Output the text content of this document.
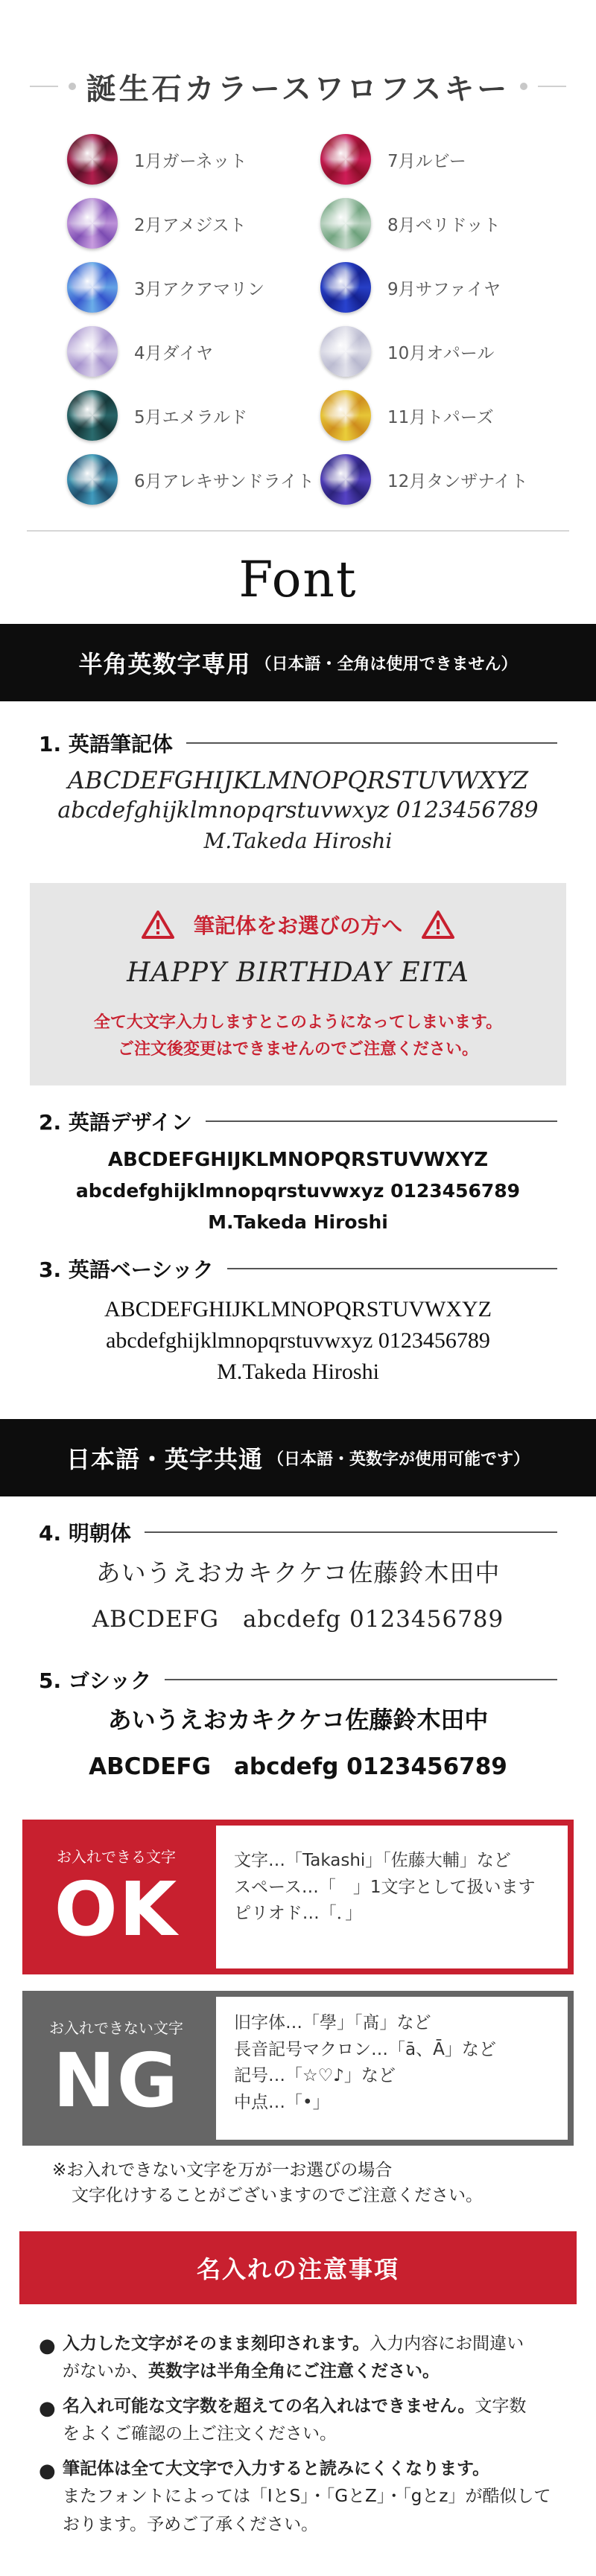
誕生石カラースワロフスキー
1月ガーネット	7月ルビー
2月アメジスト	8月ペリドット
3月アクアマリン	9月サファイヤ
4月ダイヤ	10月オパール
5月エメラルド	11月トパーズ
6月アレキサンドライト	12月タンザナイト
Font
半角英数字専用 （日本語・全角は使用できません）
1. 英語筆記体
ABCDEFGHIJKLMNOPQRSTUVWXYZ
abcdefghijklmnopqrstuvwxyz 0123456789
M.Takeda Hiroshi
筆記体をお選びの方へ
HAPPY BIRTHDAY EITA
全て大文字入力しますとこのようになってしまいます。
ご注文後変更はできませんのでご注意ください。
2. 英語デザイン
ABCDEFGHIJKLMNOPQRSTUVWXYZ
abcdefghijklmnopqrstuvwxyz 0123456789
M.Takeda Hiroshi
3. 英語ベーシック
ABCDEFGHIJKLMNOPQRSTUVWXYZ
abcdefghijklmnopqrstuvwxyz 0123456789
M.Takeda Hiroshi
日本語・英字共通 （日本語・英数字が使用可能です）
4. 明朝体
あいうえおカキクケコ佐藤鈴木田中
ABCDEFG　abcdefg 0123456789
5. ゴシック
あいうえおカキクケコ佐藤鈴木田中
ABCDEFG　abcdefg 0123456789
お入れできる文字
OK
文字…「Takashi」「佐藤大輔」など
スペース…「　」1文字として扱います
ピリオド…「．」
お入れできない文字
NG
旧字体…「學」「髙」など
長音記号マクロン…「ā、Ā」など
記号…「☆♡♪」など
中点…「•」
※お入れできない文字を万が一お選びの場合
文字化けすることがございますのでご注意ください。
名入れの注意事項
● 入力した文字がそのまま刻印されます。入力内容にお間違い
がないか、英数字は半角全角にご注意ください。
● 名入れ可能な文字数を超えての名入れはできません。文字数
をよくご確認の上ご注文ください。
● 筆記体は全て大文字で入力すると読みにくくなります。
またフォントによっては「IとS」・「GとZ」・「gとz」が酷似して
おります。予めご了承ください。
